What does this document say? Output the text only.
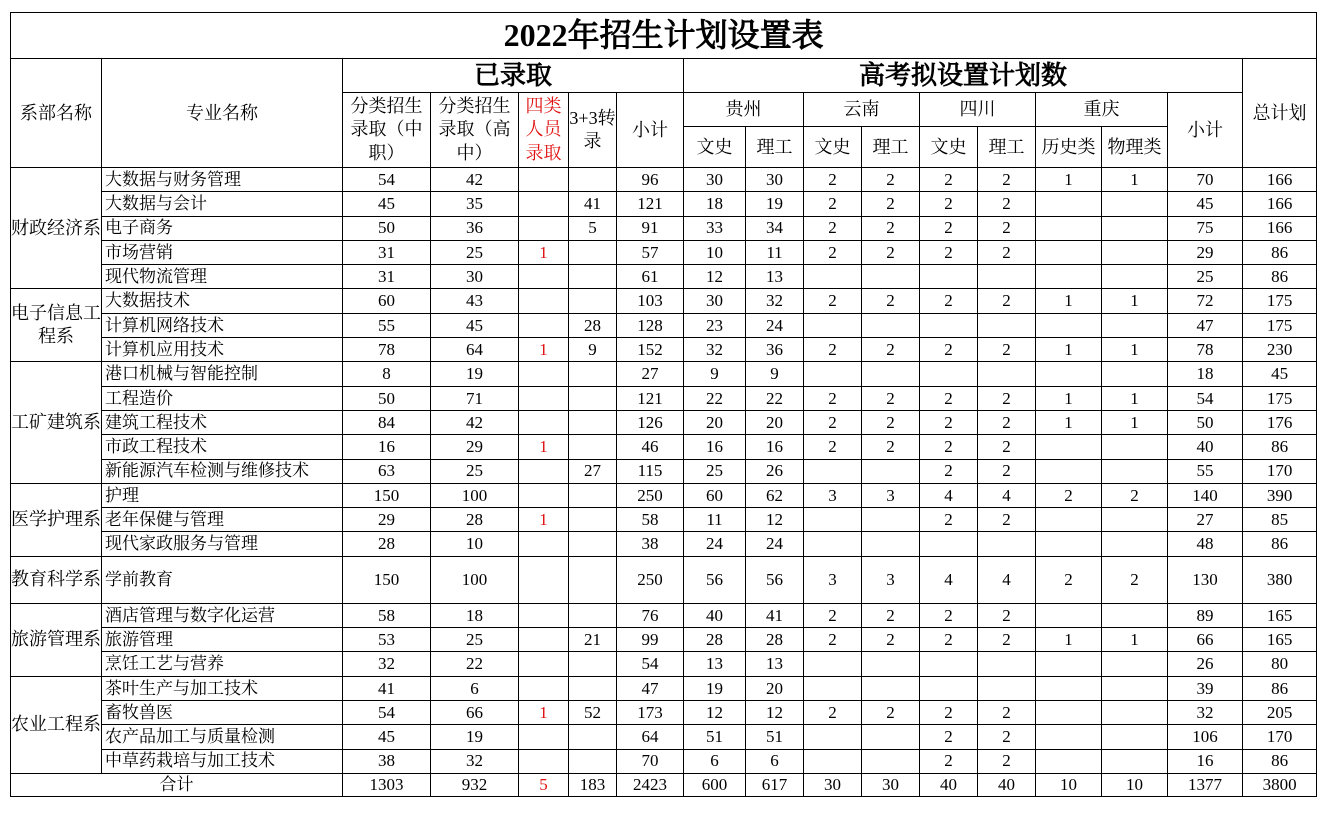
2022年招生计划设置表																
系部名称	专业名称	已录取					高考拟设置计划数									总计划
		分类招生录取（中职）	分类招生录取（高中）	四类人员录取	3+3转录	小计	贵州		云南		四川		重庆		小计	
							文史	理工	文史	理工	文史	理工	历史类	物理类		
财政经济系	大数据与财务管理	54	42			96	30	30	2	2	2	2	1	1	70	166
	大数据与会计	45	35		41	121	18	19	2	2	2	2			45	166
	电子商务	50	36		5	91	33	34	2	2	2	2			75	166
	市场营销	31	25	1		57	10	11	2	2	2	2			29	86
	现代物流管理	31	30			61	12	13							25	86
电子信息工程系	大数据技术	60	43			103	30	32	2	2	2	2	1	1	72	175
	计算机网络技术	55	45		28	128	23	24							47	175
	计算机应用技术	78	64	1	9	152	32	36	2	2	2	2	1	1	78	230
工矿建筑系	港口机械与智能控制	8	19			27	9	9							18	45
	工程造价	50	71			121	22	22	2	2	2	2	1	1	54	175
	建筑工程技术	84	42			126	20	20	2	2	2	2	1	1	50	176
	市政工程技术	16	29	1		46	16	16	2	2	2	2			40	86
	新能源汽车检测与维修技术	63	25		27	115	25	26			2	2			55	170
医学护理系	护理	150	100			250	60	62	3	3	4	4	2	2	140	390
	老年保健与管理	29	28	1		58	11	12			2	2			27	85
	现代家政服务与管理	28	10			38	24	24							48	86
教育科学系	学前教育	150	100			250	56	56	3	3	4	4	2	2	130	380
旅游管理系	酒店管理与数字化运营	58	18			76	40	41	2	2	2	2			89	165
	旅游管理	53	25		21	99	28	28	2	2	2	2	1	1	66	165
	烹饪工艺与营养	32	22			54	13	13							26	80
农业工程系	茶叶生产与加工技术	41	6			47	19	20							39	86
	畜牧兽医	54	66	1	52	173	12	12	2	2	2	2			32	205
	农产品加工与质量检测	45	19			64	51	51			2	2			106	170
	中草药栽培与加工技术	38	32			70	6	6			2	2			16	86
合计		1303	932	5	183	2423	600	617	30	30	40	40	10	10	1377	3800
